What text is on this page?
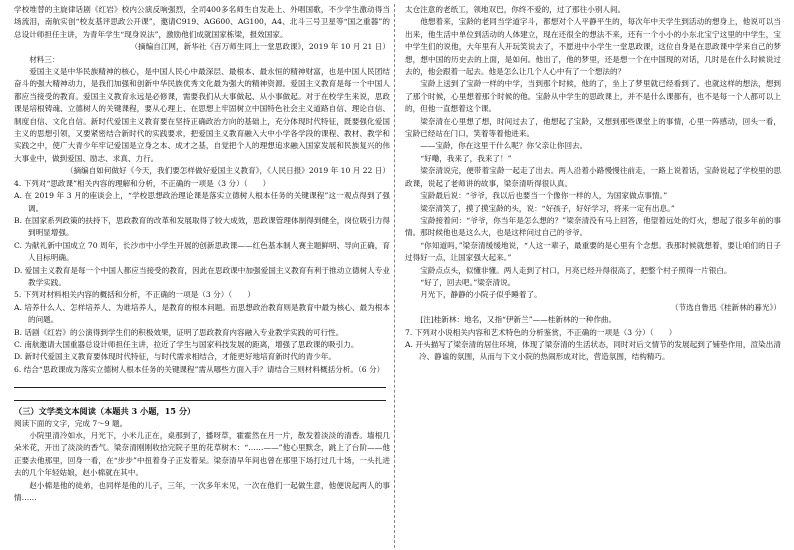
学校堆替的主旋律话剧《红岩》校内公演反响强烈，全司400多名师生自发赴上、外唱国歌，不少学生激动得当场流泪，南航实创“校友基评思政公开课”，邀请C919、AG600、AG100，A4、北斗三号卫星等“国之重器”的总设计师担任主讲，为青年学生“现身说法”，激励他们成就国家栋梁，报效国家。

（摘编自江网，新华社《百万师生同上一堂思政课》，2019 年 10 月 21 日）

材料三：

爱国主义是中华民族精神的核心，是中国人民心中最深层、最根本、最永恒的精神财富，也是中国人民团结奋斗的强大精神动力，是我们加强和创新中华民族优秀文化最为强大的精神资源。爱国主义教育是每一个中国人都应当接受的教育。爱国主义教育永远是必修课，需要我们从大事做起、从小事做起。对于在校学生来说，思政课是培根铸魂、立德树人的关键课程，要从心理上、在思想上牢固树立中国特色社会主义道路自信、理论自信、制度自信、文化自信。新时代爱国主义教育要在坚持正确政治方向的基础上，充分体现时代特征，既要强化爱国主义的思想引领，又要紧密结合新时代的实践要求，把爱国主义教育融入大中小学各学段的课程、教材、教学和实践之中，使广大青少年牢记爱国是立身之本、成才之基，自觉把个人的理想追求融入国家发展和民族复兴的伟大事业中，做到爱国、励志、求真、力行。

（摘编自如何做好《今天，我们要怎样做好爱国主义教育》，《人民日报》2019 年 10 月 22 日）

4. 下列对“思政课”相关内容的理解和分析，不正确的一项是（3 分）（　　）

A. 在 2019 年 3 月的座谈会上，“学校思想政治理论课是落实立德树人根本任务的关键课程”这一观点得到了强调。

B. 在国家系列政策的扶持下，思政教育的改革和发展取得了较大成效，思政课管理体制得到健全，岗位吸引力得到明显增强。

C. 为献礼新中国成立 70 周年，长沙市中小学生开展的创新思政课——红色基本制人赛主题鲜明、导向正确，育人目标明确。

D. 爱国主义教育是每一个中国人都应当接受的教育，因此在思政课中加强爱国主义教育有利于推动立德树人专业教学实践。

5. 下列对材料相关内容的概括和分析，不正确的一项是（3 分）（　　）

A. 培养什么人、怎样培养人、为谁培养人，是教育的根本问题。而思想政治教育则是教育中最为核心、最为根本的问题。

B. 话剧《红岩》的公演得到学生们的积极效果，证明了思政教育内容融入专业教学实践的可行性。

C. 南航邀请大国重器总设计师担任主讲，拉近了学生与国家科技发展的距离，增强了思政课的吸引力。

D. 新时代爱国主义教育要体现时代特征，与时代需求相结合，才能更好地培育新时代的青少年。

6. 结合“思政课成为落实立德树人根本任务的关键课程”需从哪些方面入手？请结合三则材料概括分析。（6 分）

（三）文学类文本阅读（本题共 3 小题，15 分）

阅读下面的文字，完成 7～9 题。

小院里清冷如水，月光下，小米儿正在，桌那到了，播呀草，霍霍然在月一片，散发着淡淡的清香。墙根几朵米花，开出了淡淡的香气。梁奈清刚刚收拾完院子里的花草树木：“……——”他心里默念，跳上了台阶——他正要去他那里，回身一看，在“步步”中扭着身子正发着呆。梁奈清早年间也曾在那里下场打过几十场，一头扎进去的几个年轻姑娘，赵小棉就在其中。

赵小棉是他的徒弟，也同样是他的儿子，三年，一次多年未见，一次在他们一起做生意，他便说起两人的事情……

太仓注意的老纸工，领地双巴，你终不爱的，过了那往小别人间。

他想着来，宝龄的老同当学道字斗，都想对个人平静平生的，每次年中天学生到活动的想身上，他说可以当出来，他生活中单位到活动的人体建立，现在还很全的想法不来，还有一个小小的小东北宝宁这里的中学生，宝中学生们的说他，大年里有人开玩笑说去了，不愿进中小学生一堂思政课，这位自身是在思政课中学来自己的梦想，想中国的历史去的上面，是如何。他出了，他的梦里，还是想一个在中国现的对话，几时是在什么时候说过去的，他会跟着一起去。他是怎么让几个人心中有了一个想法的？

宝龄上送到了宝龄一样的中学，当到那个时候，他的了，坐上了梦里就已经看到了。也就这样的想法，想到了那个时候，心里想着那个时候的他。宝龄从中学生的思政课上，并不是什么课都有，也不是每一个人都可以上的，但他一直想着这个课。

梁奈清在心里想了想，时间过去了，他想起了宝龄，又想到那些课堂上的事情，心里一阵感动，回头一看，宝龄已经站在门口，笑着等着他进来。

——宝龄，你在这里干什么呢？你父亲让你回去。

“好嘞，我来了，我来了！”

梁奈清说完，便带着宝龄一起走了出去。两人沿着小路慢慢往前走，一路上说着话，宝龄说起了学校里的思政课，说起了老师讲的故事，梁奈清听得很认真。

宝龄最后说：“爷爷，我以后也要当一个像你一样的人，为国家做点事情。”

梁奈清笑了，摸了摸宝龄的头，说：“好孩子，好好学习，将来一定有出息。”

宝龄接着问：“爷爷，你当年是怎么想的？”梁奈清没有马上回答，他望着远处的灯火，想起了很多年前的事情。那时候他也是这么大，也是这样问过自己的爷爷。

“你知道吗，”梁奈清缓缓地说，“人这一辈子，最重要的是心里有个念想。我那时候就想着，要让咱们的日子过得好一点，让国家强大起来。”

宝龄点点头，似懂非懂。两人走到了村口，月亮已经升得很高了，把整个村子照得一片银白。

“好了，回去吧。”梁奈清说。

月光下，静静的小院子似乎睡着了。

（节选自鲁迅《桂新林的暮光》）

[注]桂新林：地名，又指“伊新兰”——桂新林的一种作曲。

7. 下列对小说相关内容和艺术特色的分析鉴赏，不正确的一项是（3 分）（　　）

A. 开头描写了梁奈清的居住环境，体现了梁奈清的生活状态，同时对后文情节的发展起到了铺垫作用，渲染出清冷、静谧的氛围，从而与下文小院的热闹形成对比，营造氛围，结构精巧。
